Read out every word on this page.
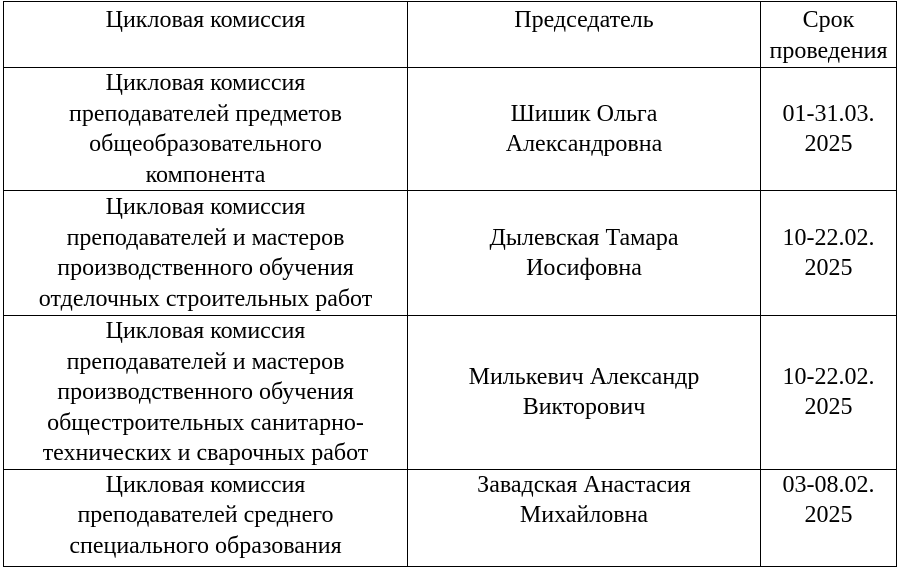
Цикловая комиссия	Председатель	Срок
проведения

Цикловая комиссия
преподавателей предметов
общеобразовательного
компонента	Шишик Ольга
Александровна	01-31.03.
2025

Цикловая комиссия
преподавателей и мастеров
производственного обучения
отделочных строительных работ	Дылевская Тамара
Иосифовна	10-22.02.
2025

Цикловая комиссия
преподавателей и мастеров
производственного обучения
общестроительных санитарно-
технических и сварочных работ	Милькевич Александр
Викторович	10-22.02.
2025

Цикловая комиссия
преподавателей среднего
специального образования	Завадская Анастасия
Михайловна	03-08.02.
2025
